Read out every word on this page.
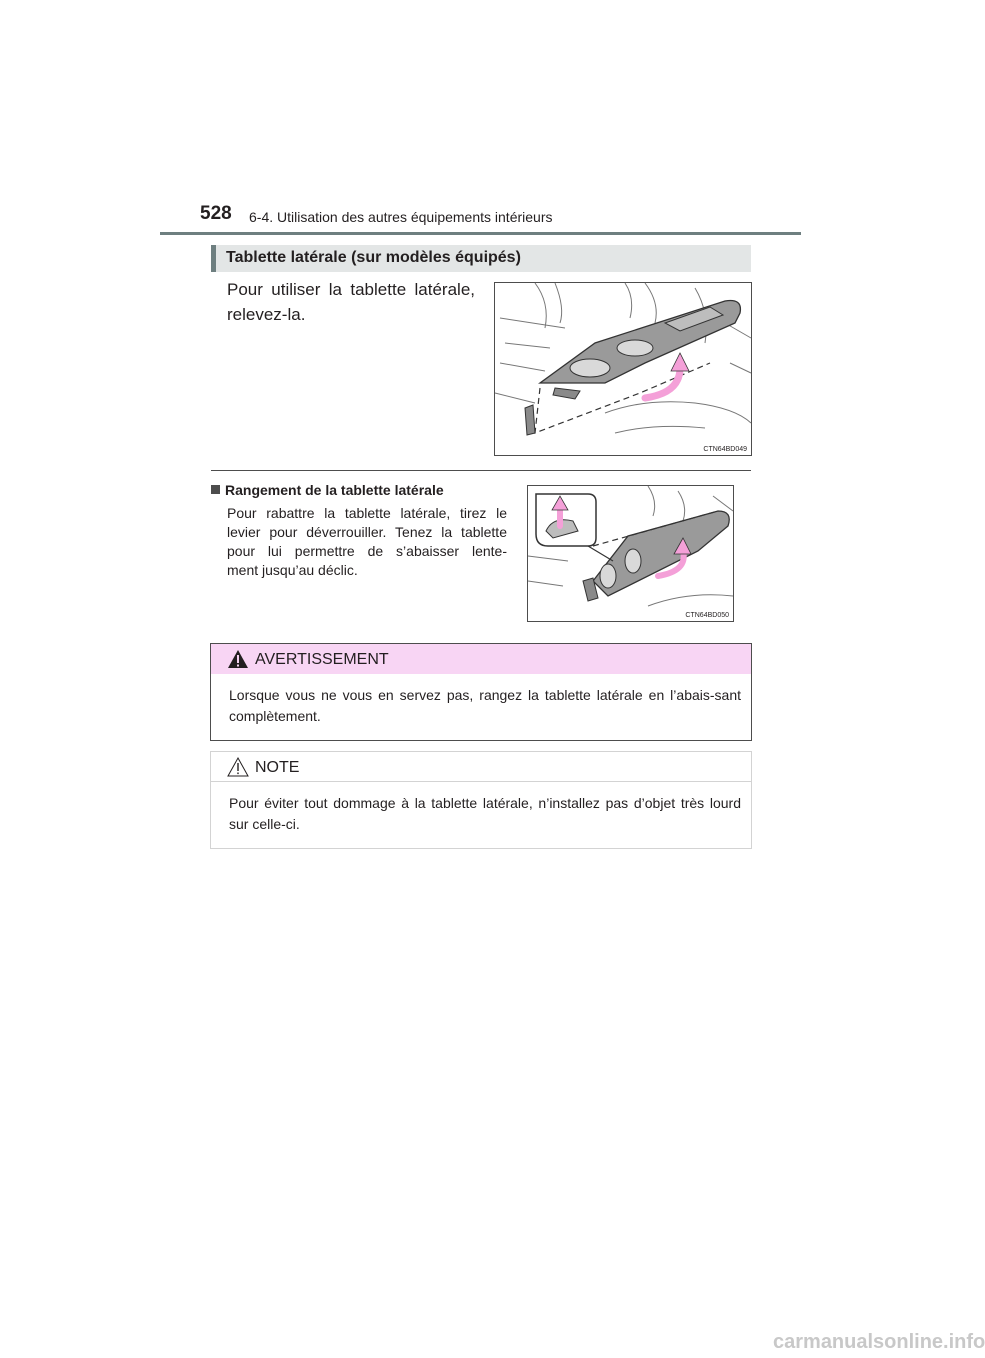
528 6-4. Utilisation des autres équipements intérieurs
Tablette latérale (sur modèles équipés)
Pour utiliser la tablette latérale,
relevez-la.
CTN64BD049
Rangement de la tablette latérale
Pour rabattre la tablette latérale, tirez le
levier pour déverrouiller. Tenez la tablette
pour lui permettre de s’abaisser lente-
ment jusqu’au déclic.
CTN64BD050
AVERTISSEMENT
Lorsque vous ne vous en servez pas, rangez la tablette latérale en l’abais-sant complètement.
NOTE
Pour éviter tout dommage à la tablette latérale, n’installez pas d’objet très lourd sur celle-ci.
carmanualsonline.info
